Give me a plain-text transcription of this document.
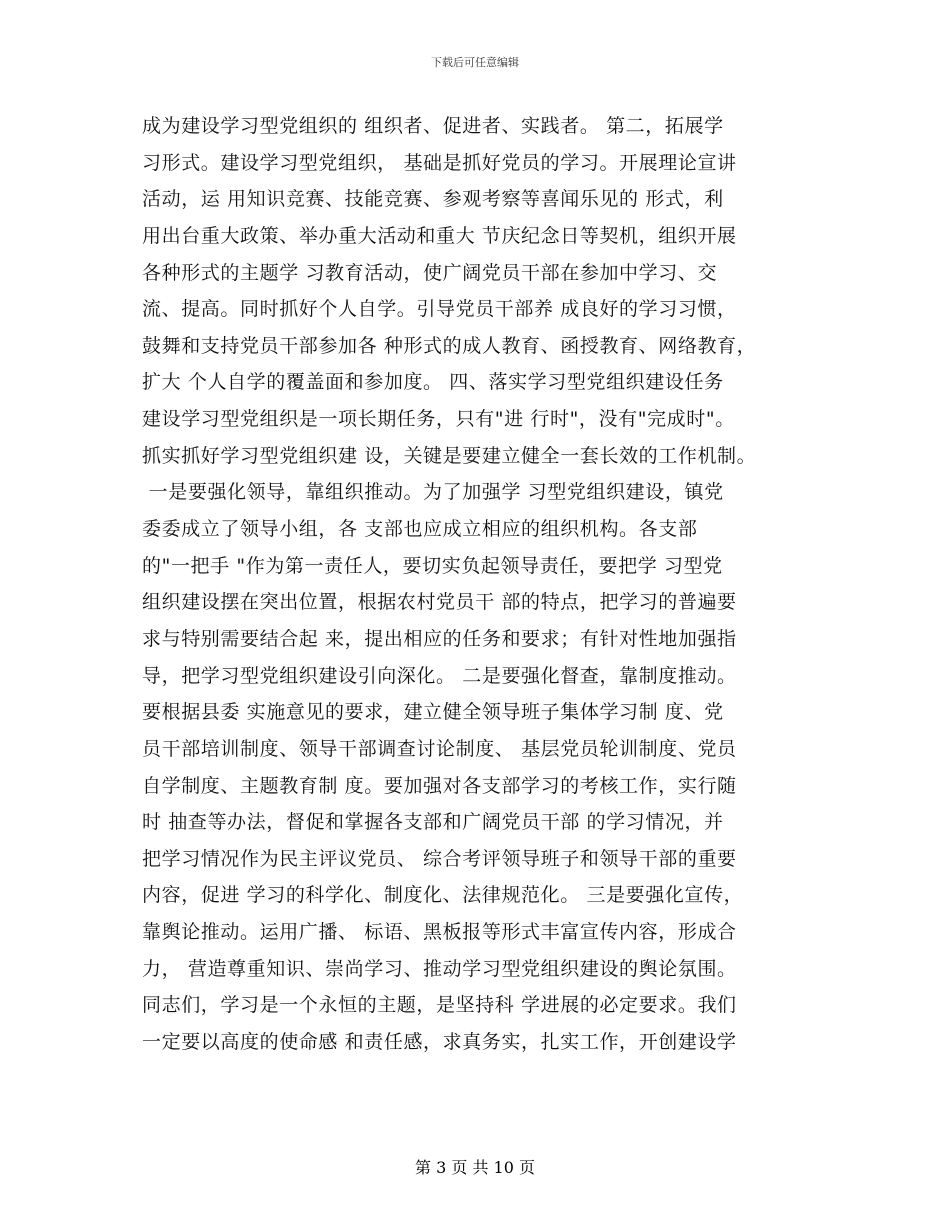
下载后可任意编辑
成为建设学习型党组织的 组织者、促进者、实践者。 第二，拓展学
习形式。建设学习型党组织， 基础是抓好党员的学习。开展理论宣讲
活动，运 用知识竞赛、技能竞赛、参观考察等喜闻乐见的 形式，利
用出台重大政策、举办重大活动和重大 节庆纪念日等契机，组织开展
各种形式的主题学 习教育活动，使广阔党员干部在参加中学习、交
流、提高。同时抓好个人自学。引导党员干部养 成良好的学习习惯，
鼓舞和支持党员干部参加各 种形式的成人教育、函授教育、网络教育，
扩大 个人自学的覆盖面和参加度。 四、落实学习型党组织建设任务
建设学习型党组织是一项长期任务，只有"进 行时"，没有"完成时"。
抓实抓好学习型党组织建 设，关键是要建立健全一套长效的工作机制。
一是要强化领导，靠组织推动。为了加强学 习型党组织建设，镇党
委委成立了领导小组，各 支部也应成立相应的组织机构。各支部
的"一把手 "作为第一责任人，要切实负起领导责任，要把学 习型党
组织建设摆在突出位置，根据农村党员干 部的特点，把学习的普遍要
求与特别需要结合起 来，提出相应的任务和要求；有针对性地加强指
导，把学习型党组织建设引向深化。 二是要强化督查，靠制度推动。
要根据县委 实施意见的要求，建立健全领导班子集体学习制 度、党
员干部培训制度、领导干部调查讨论制度、 基层党员轮训制度、党员
自学制度、主题教育制 度。要加强对各支部学习的考核工作，实行随
时 抽查等办法，督促和掌握各支部和广阔党员干部 的学习情况，并
把学习情况作为民主评议党员、 综合考评领导班子和领导干部的重要
内容，促进 学习的科学化、制度化、法律规范化。 三是要强化宣传，
靠舆论推动。运用广播、 标语、黑板报等形式丰富宣传内容，形成合
力， 营造尊重知识、崇尚学习、推动学习型党组织建设的舆论氛围。
同志们，学习是一个永恒的主题，是坚持科 学进展的必定要求。我们
一定要以高度的使命感 和责任感，求真务实，扎实工作，开创建设学
第 3 页 共 10 页
